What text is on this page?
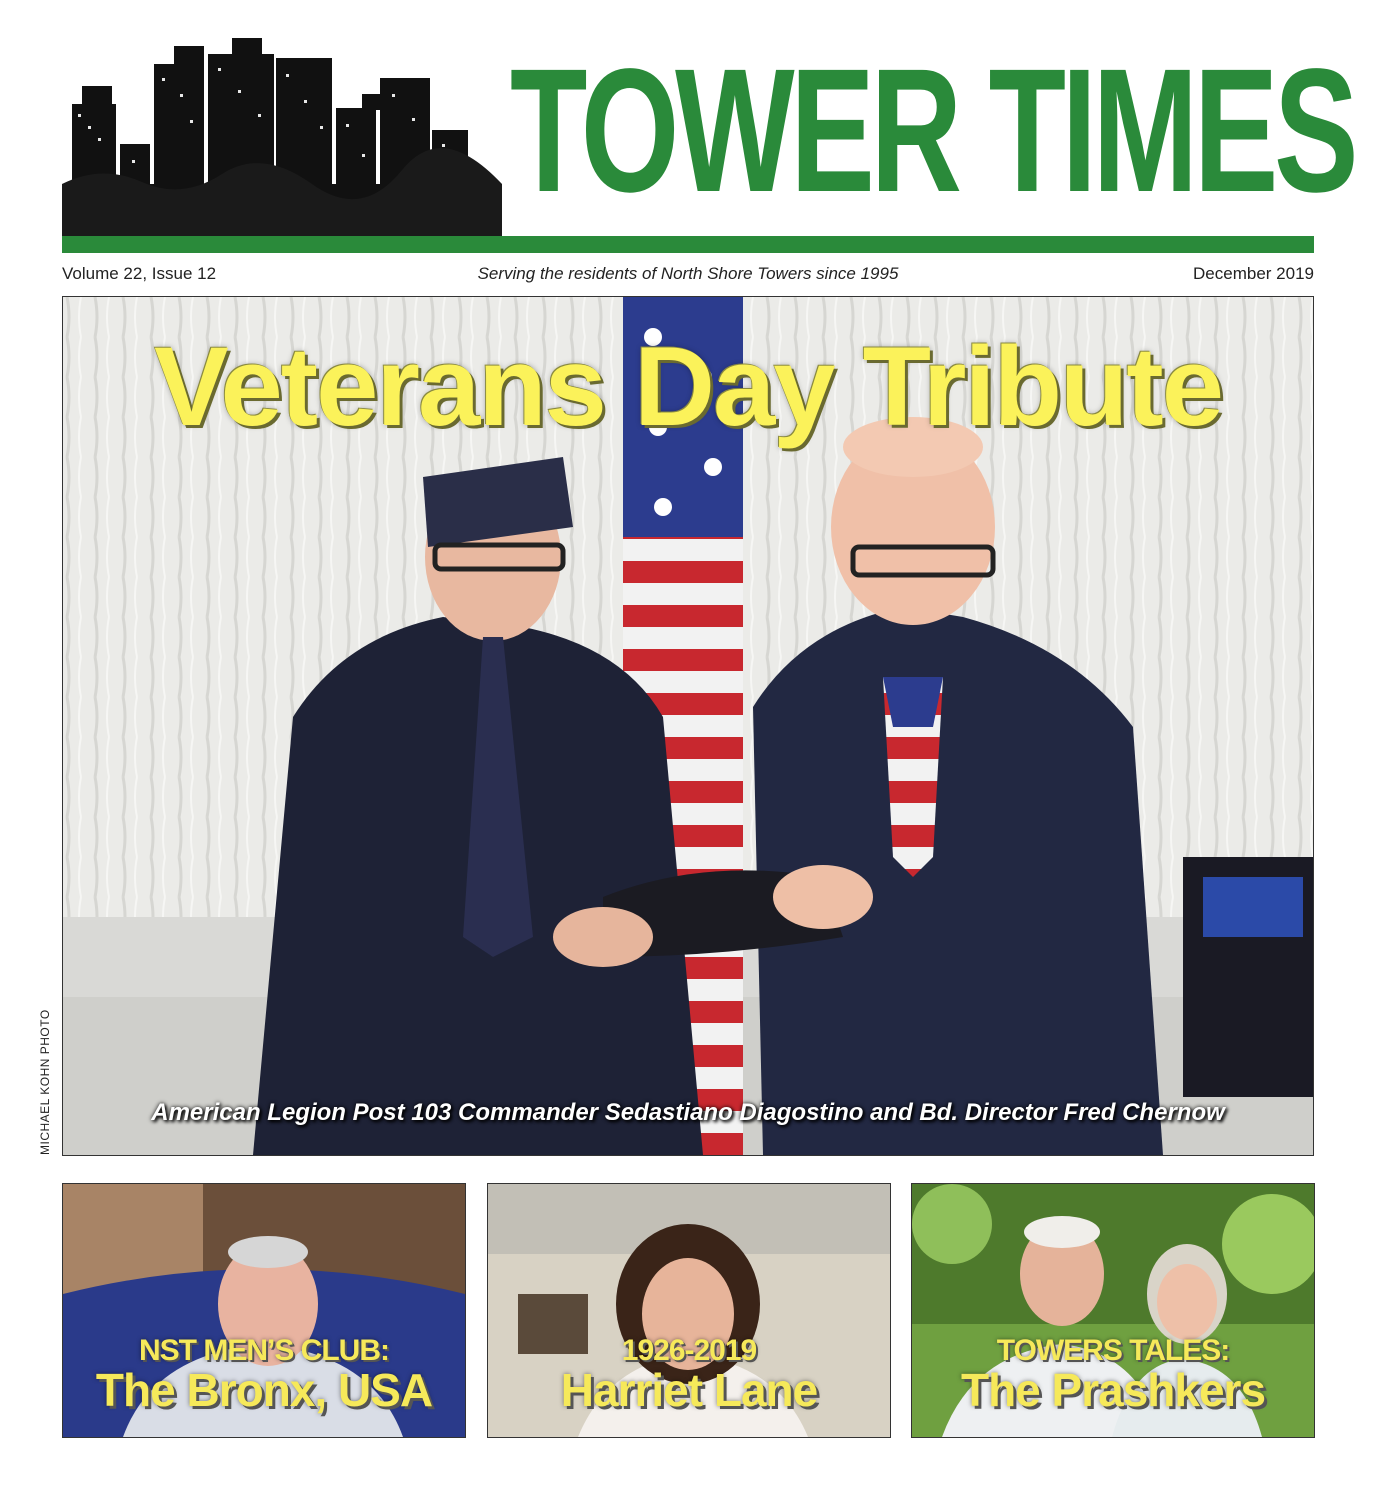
TOWER TIMES
Volume 22, Issue 12	Serving the residents of North Shore Towers since 1995	December 2019
Veterans Day Tribute

American Legion Post 103 Commander Sedastiano Diagostino and Bd. Director Fred Chernow

MICHAEL KOHN PHOTO
NST MEN’S CLUB:
The Bronx, USA
1926-2019
Harriet Lane
TOWERS TALES:
The Prashkers
